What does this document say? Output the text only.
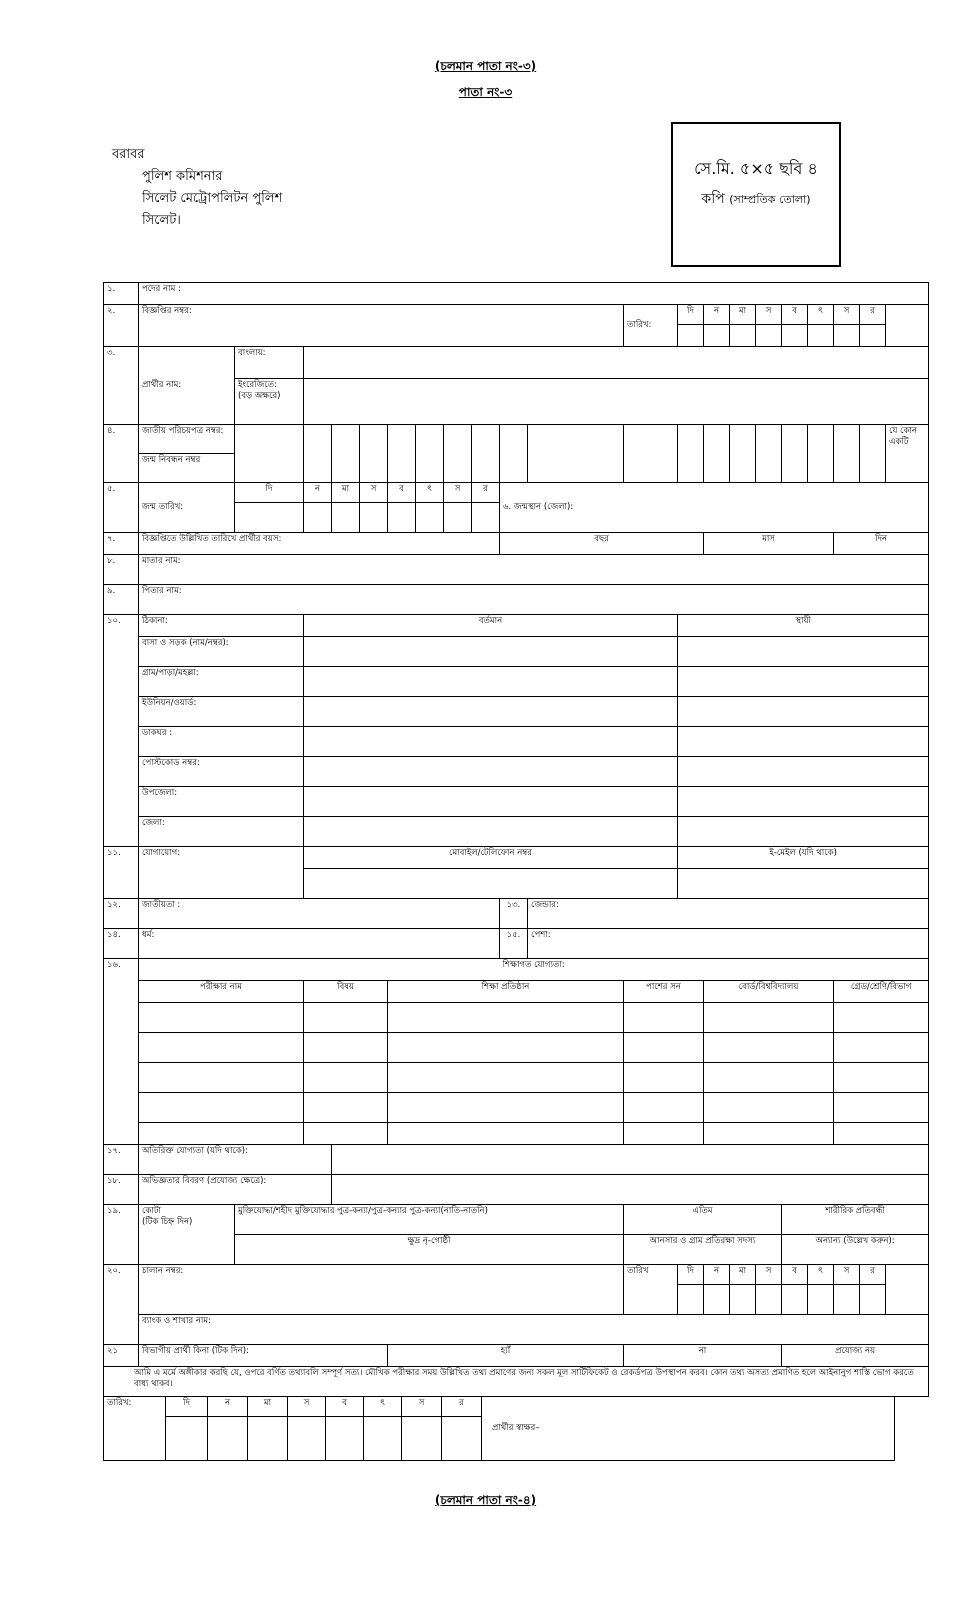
(চলমান পাতা নং-৩)
পাতা নং-৩
বরাবর
পুলিশ কমিশনার
সিলেট মেট্রোপলিটন পুলিশ
সিলেট।
সে.মি. ৫×৫ ছবি ৪
কপি (সাম্প্রতিক তোলা)
১.	পদের নাম :																				
২.	বিজ্ঞপ্তির নম্বর:											তারিখ:	দি	ন	মা	স	ব	ৎ	স	র	

৩.	প্রার্থীর নাম:	বাংলায়:																			
		ইংরেজিতে:
(বড় অক্ষরে)																			
৪.	জাতীয় পরিচয়পত্র নম্বর:																				যে কোন একটি
	জন্ম নিবন্ধন নম্বর																				
৫.	জন্ম তারিখ:	দি	ন	মা	স	ব	ৎ	স	র	৬. জন্মস্থান (জেলা):											

৭.	বিজ্ঞপ্তিতে উল্লিখিত তারিখে প্রার্থীর বয়স:									বছর				মাস					দিন		
৮.	মাতার নাম:																				
৯.	পিতার নাম:																				
১০.	ঠিকানা:		বর্তমান										স্থায়ী								
	বাসা ও সড়ক (নাম/নম্বর):																				
	গ্রাম/পাড়া/মহল্লা:																				
	ইউনিয়ন/ওয়ার্ড:																				
	ডাকঘর :																				
	পোস্টকোড নম্বর:																				
	উপজেলা:																				
	জেলা:																				
১১.	যোগাযোগ:		মোবাইল/টেলিফোন নম্বর										ই-মেইল (যদি থাকে)								

১২.	জাতীয়তা :									১৩.	জেন্ডার:										
১৪.	ধর্ম:									১৫.	পেশা:										
১৬.	শিক্ষাগত যোগ্যতা:																				
	পরীক্ষার নাম		বিষয়			শিক্ষা প্রতিষ্ঠান						পাশের সন		বোর্ড/বিশ্ববিদ্যালয়					গ্রেড/শ্রেণি/বিভাগ		

১৭.	অতিরিক্ত যোগ্যতা (যদি থাকে):																				
১৮.	অভিজ্ঞতার বিবরণ (প্রযোজ্য ক্ষেত্রে):																				
১৯.	কোটা
(টিক চিহ্ন দিন)	মুক্তিযোদ্ধা/শহীদ মুক্তিযোদ্ধার পুত্র-কন্যা/পুত্র-কন্যার পুত্র-কন্যা(নাতি-নাতনি)										এতিম					শারীরিক প্রতিবন্ধী				
		ক্ষুদ্র নৃ-গোষ্ঠী										আনসার ও গ্রাম প্রতিরক্ষা সদস্য					অন্যান্য (উল্লেখ করুন):				
২০.	চালান নম্বর:											তারিখ	দি	ন	মা	স	ব	ৎ	স	র	

	ব্যাংক ও শাখার নাম:																				
২১	বিভাগীয় প্রার্থী কিনা (টিক দিন):					হ্যাঁ						না					প্রযোজ্য নয়				
আমি এ মর্মে অঙ্গীকার করছি যে, ওপরে বর্ণিত তথ্যাবলি সম্পূর্ণ সত্য। মৌখিক পরীক্ষার সময় উল্লিখিত তথ্য প্রমাণের জন্য সকল মূল সার্টিফিকেট ও রেকর্ডপত্র উপস্থাপন করব। কোন তথ্য অসত্য প্রমাণিত হলে আইনানুগ শাস্তি ভোগ করতে বাধ্য থাকব।																					
তারিখ:	দি	ন	মা	স	ব	ৎ	স	র	প্রার্থীর স্বাক্ষর–

(চলমান পাতা নং-৪)
